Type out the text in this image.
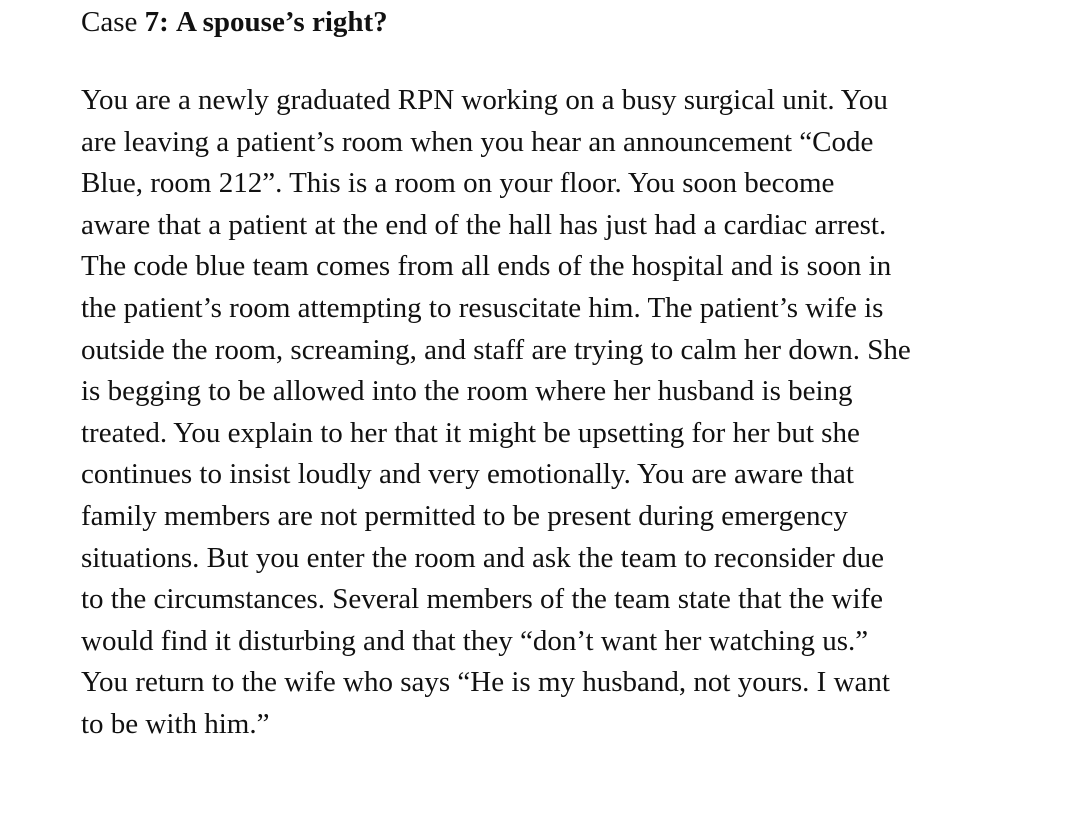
Case 7: A spouse’s right?
You are a newly graduated RPN working on a busy surgical unit. You
are leaving a patient’s room when you hear an announcement “Code
Blue, room 212”. This is a room on your floor. You soon become
aware that a patient at the end of the hall has just had a cardiac arrest.
The code blue team comes from all ends of the hospital and is soon in
the patient’s room attempting to resuscitate him. The patient’s wife is
outside the room, screaming, and staff are trying to calm her down. She
is begging to be allowed into the room where her husband is being
treated. You explain to her that it might be upsetting for her but she
continues to insist loudly and very emotionally. You are aware that
family members are not permitted to be present during emergency
situations. But you enter the room and ask the team to reconsider due
to the circumstances. Several members of the team state that the wife
would find it disturbing and that they “don’t want her watching us.”
You return to the wife who says “He is my husband, not yours. I want
to be with him.”
